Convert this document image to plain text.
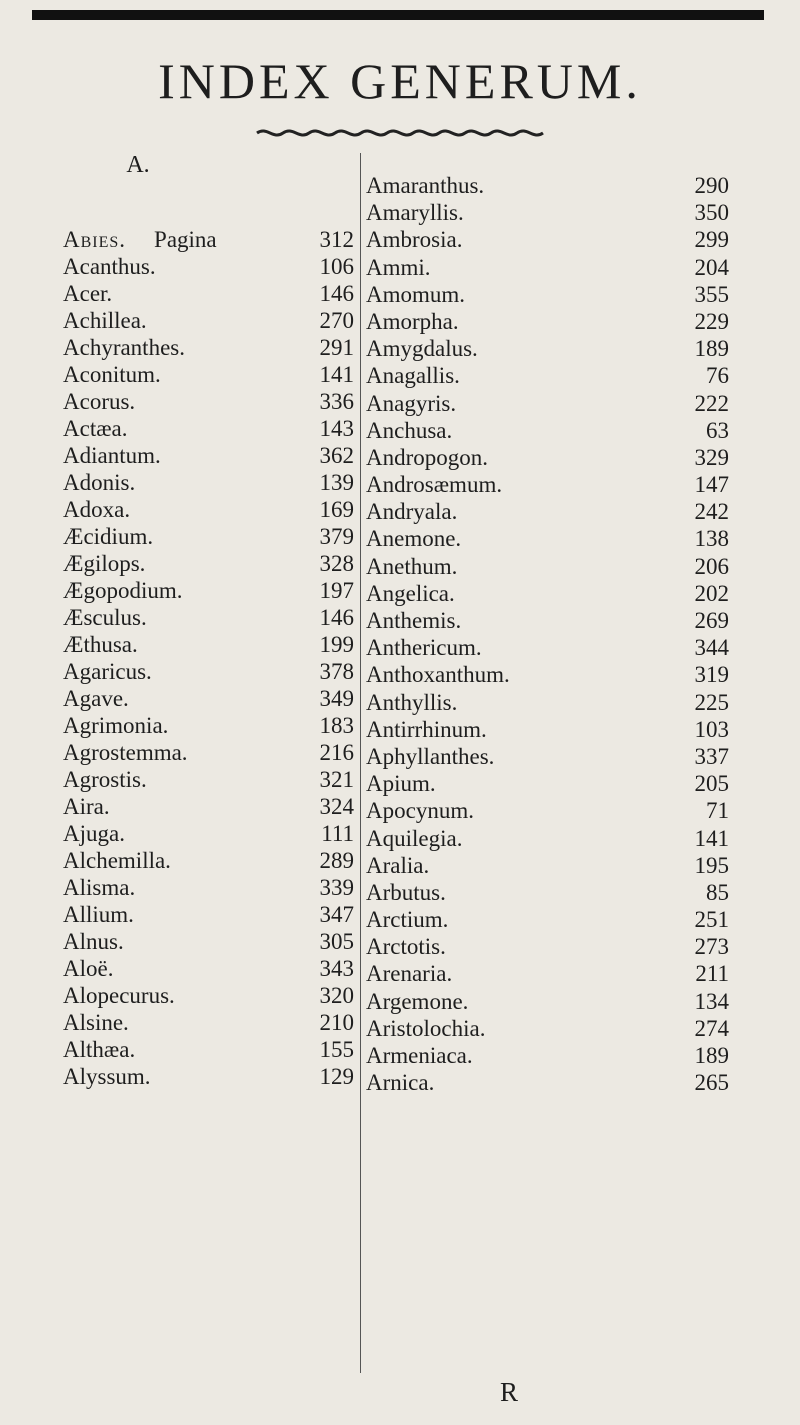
INDEX GENERUM.

A.

Abies. Pagina	312
Acanthus.	106
Acer.	146
Achillea.	270
Achyranthes.	291
Aconitum.	141
Acorus.	336
Actæa.	143
Adiantum.	362
Adonis.	139
Adoxa.	169
Æcidium.	379
Ægilops.	328
Ægopodium.	197
Æsculus.	146
Æthusa.	199
Agaricus.	378
Agave.	349
Agrimonia.	183
Agrostemma.	216
Agrostis.	321
Aira.	324
Ajuga.	111
Alchemilla.	289
Alisma.	339
Allium.	347
Alnus.	305
Aloë.	343
Alopecurus.	320
Alsine.	210
Althæa.	155
Alyssum.	129
Amaranthus.	290
Amaryllis.	350
Ambrosia.	299
Ammi.	204
Amomum.	355
Amorpha.	229
Amygdalus.	189
Anagallis.	76
Anagyris.	222
Anchusa.	63
Andropogon.	329
Androsæmum.	147
Andryala.	242
Anemone.	138
Anethum.	206
Angelica.	202
Anthemis.	269
Anthericum.	344
Anthoxanthum.	319
Anthyllis.	225
Antirrhinum.	103
Aphyllanthes.	337
Apium.	205
Apocynum.	71
Aquilegia.	141
Aralia.	195
Arbutus.	85
Arctium.	251
Arctotis.	273
Arenaria.	211
Argemone.	134
Aristolochia.	274
Armeniaca.	189
Arnica.	265

R
